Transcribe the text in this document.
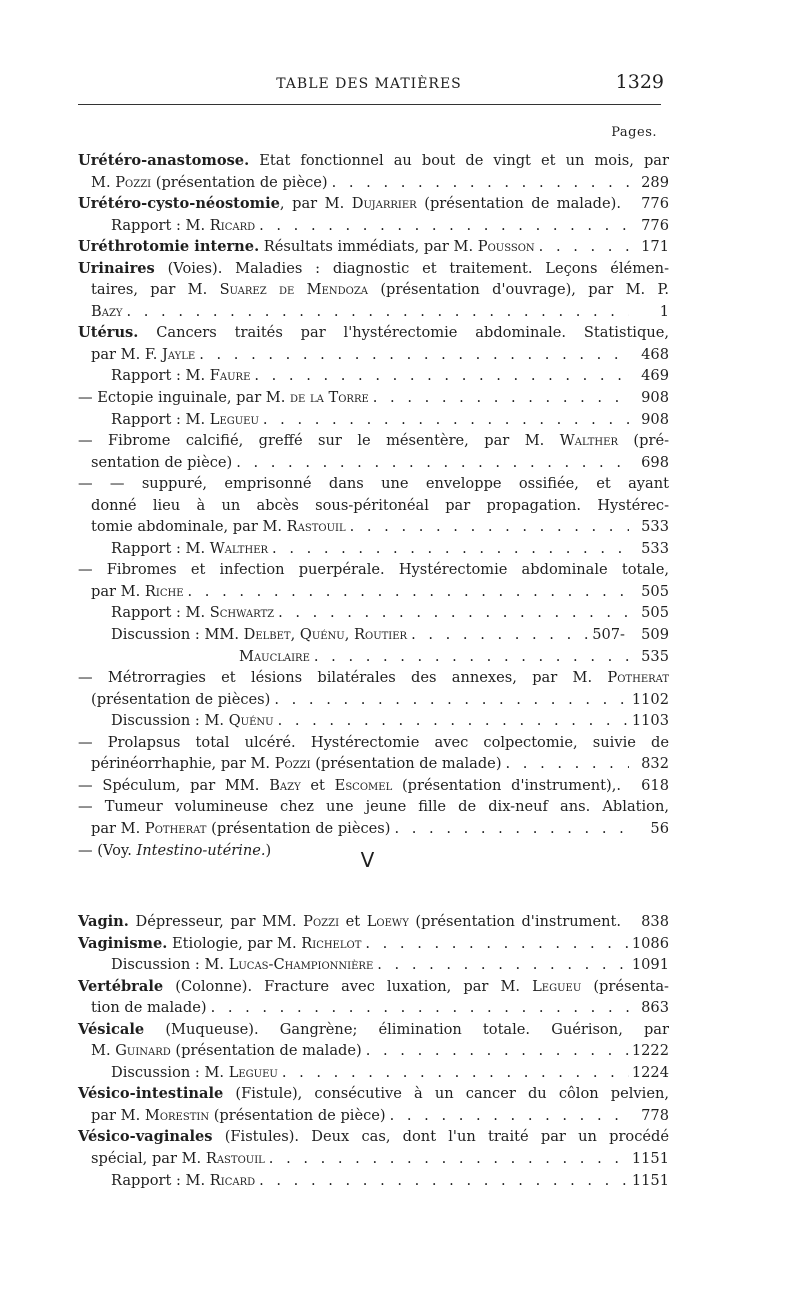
TABLE DES MATIÈRES	1329
Pages.
Urétéro-anastomose. Etat fonctionnel au bout de vingt et un mois, par
M. Pozzi (présentation de pièce) . . .	289
Urétéro-cysto-néostomie, par M. Dujarrier (présentation de malade).	776
Rapport : M. Ricard . . .	776
Uréthrotomie interne. Résultats immédiats, par M. Pousson . . .	171
Urinaires (Voies). Maladies : diagnostic et traitement. Leçons élémen-
taires, par M. Suarez de Mendoza (présentation d'ouvrage), par M. P.
Bazy . . .	1
Utérus. Cancers traités par l'hystérectomie abdominale. Statistique,
par M. F. Jayle . . .	468
Rapport : M. Faure . . .	469
— Ectopie inguinale, par M. de la Torre . . .	908
Rapport : M. Legueu . . .	908
— Fibrome calcifié, greffé sur le mésentère, par M. Walther (pré-
sentation de pièce) . . .	698
— — suppuré, emprisonné dans une enveloppe ossifiée, et ayant
donné lieu à un abcès sous-péritonéal par propagation. Hystérec-
tomie abdominale, par M. Rastouil . . .	533
Rapport : M. Walther . . .	533
— Fibromes et infection puerpérale. Hystérectomie abdominale totale,
par M. Riche . . .	505
Rapport : M. Schwartz . . .	505
Discussion : MM. Delbet, Quénu, Routier . . .	507-	509
Mauclaire . . .	535
— Métrorragies et lésions bilatérales des annexes, par M. Potherat
(présentation de pièces) . . .	1102
Discussion : M. Quénu . . .	1103
— Prolapsus total ulcéré. Hystérectomie avec colpectomie, suivie de
périnéorrhaphie, par M. Pozzi (présentation de malade) . . .	832
— Spéculum, par MM. Bazy et Escomel (présentation d'instrument),.	618
— Tumeur volumineuse chez une jeune fille de dix-neuf ans. Ablation,
par M. Potherat (présentation de pièces) . . .	56
— (Voy. Intestino-utérine.)	V
Vagin. Dépresseur, par MM. Pozzi et Loewy (présentation d'instrument.	838
Vaginisme. Etiologie, par M. Richelot . . .	1086
Discussion : M. Lucas-Championnière . . .	1091
Vertébrale (Colonne). Fracture avec luxation, par M. Legueu (présenta-
tion de malade) . . .	863
Vésicale (Muqueuse). Gangrène; élimination totale. Guérison, par
M. Guinard (présentation de malade) . . .	1222
Discussion : M. Legueu . . .	1224
Vésico-intestinale (Fistule), consécutive à un cancer du côlon pelvien,
par M. Morestin (présentation de pièce) . . .	778
Vésico-vaginales (Fistules). Deux cas, dont l'un traité par un procédé
spécial, par M. Rastouil . . .	1151
Rapport : M. Ricard . . .	1151
